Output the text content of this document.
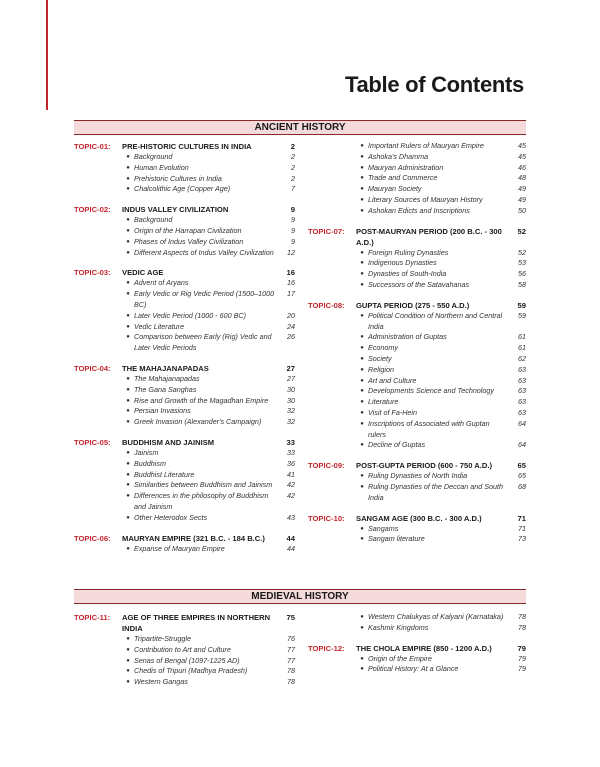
Table of Contents
ANCIENT HISTORY
TOPIC-01:	PRE-HISTORIC CULTURES IN INDIA	2
● Background	2
● Human Evolution	2
● Prehistoric Cultures in India	2
● Chalcolithic Age (Copper Age)	7
TOPIC-02:	INDUS VALLEY CIVILIZATION	9
● Background	9
● Origin of the Harrapan Civilization	9
● Phases of Indus Valley Civilization	9
● Different Aspects of Indus Valley Civilization	12
TOPIC-03:	VEDIC AGE	16
● Advent of Aryans	16
● Early Vedic or Rig Vedic Period (1500–1000 BC)
17
● Later Vedic Period (1000 - 600 BC)	20
● Vedic Literature	24
● Comparison between Early (Rig) Vedic and Later Vedic Periods
26
TOPIC-04:	THE MAHAJANAPADAS	27
● The Mahajanapadas	27
● The Gana Sanghas	30
● Rise and Growth of the Magadhan Empire	30
● Persian Invasions	32
● Greek Invasion (Alexander's Campaign)	32
TOPIC-05:	BUDDHISM AND JAINISM	33
● Jainism	33
● Buddhism	36
● Buddhist Literature	41
● Similarities between Buddhism and Jainism	42
● Differences in the philosophy of Buddhism and Jainism
42
● Other Heterodox Sects	43
TOPIC-06:	MAURYAN EMPIRE (321 B.C. - 184 B.C.)	44
● Expanse of Mauryan Empire	44
● Important Rulers of Mauryan Empire	45
● Ashoka's Dhamma	45
● Mauryan Administration	46
● Trade and Commerce	48
● Mauryan Society	49
● Literary Sources of Mauryan History	49
● Ashokan Edicts and Inscriptions	50
TOPIC-07:	POST-MAURYAN PERIOD (200 B.C. - 300 A.D.)
52
● Foreign Ruling Dynasties	52
● Indigenous Dynasties	53
● Dynasties of South-India	56
● Successors of the Satavahanas	58
TOPIC-08:	GUPTA PERIOD (275 - 550 A.D.)	59
● Political Condition of Northern and Central India
59
● Administration of Guptas	61
● Economy	61
● Society	62
● Religion	63
● Art and Culture	63
● Developments Science and Technology	63
● Literature	63
● Visit of Fa-Hein	63
● Inscriptions of Associated with Guptan rulers
64
● Decline of Guptas	64
TOPIC-09:	POST-GUPTA PERIOD (600 - 750 A.D.)	65
● Ruling Dynasties of North India	65
● Ruling Dynasties of the Deccan and South India
68
TOPIC-10:	SANGAM AGE (300 B.C. - 300 A.D.)	71
● Sangams	71
● Sangam literature	73
MEDIEVAL HISTORY
TOPIC-11:	AGE OF THREE EMPIRES IN NORTHERN INDIA
75
● Tripartite-Struggle	76
● Contribution to Art and Culture	77
● Senas of Bengal (1097-1225 AD)	77
● Chedis of Tripuri (Madhya Pradesh)	78
● Western Gangas	78
● Western Chalukyas of Kalyani (Karnataka)	78
● Kashmir Kingdoms	78
TOPIC-12:	THE CHOLA EMPIRE (850 - 1200 A.D.)	79
● Origin of the Empire	79
● Political History: At a Glance	79
